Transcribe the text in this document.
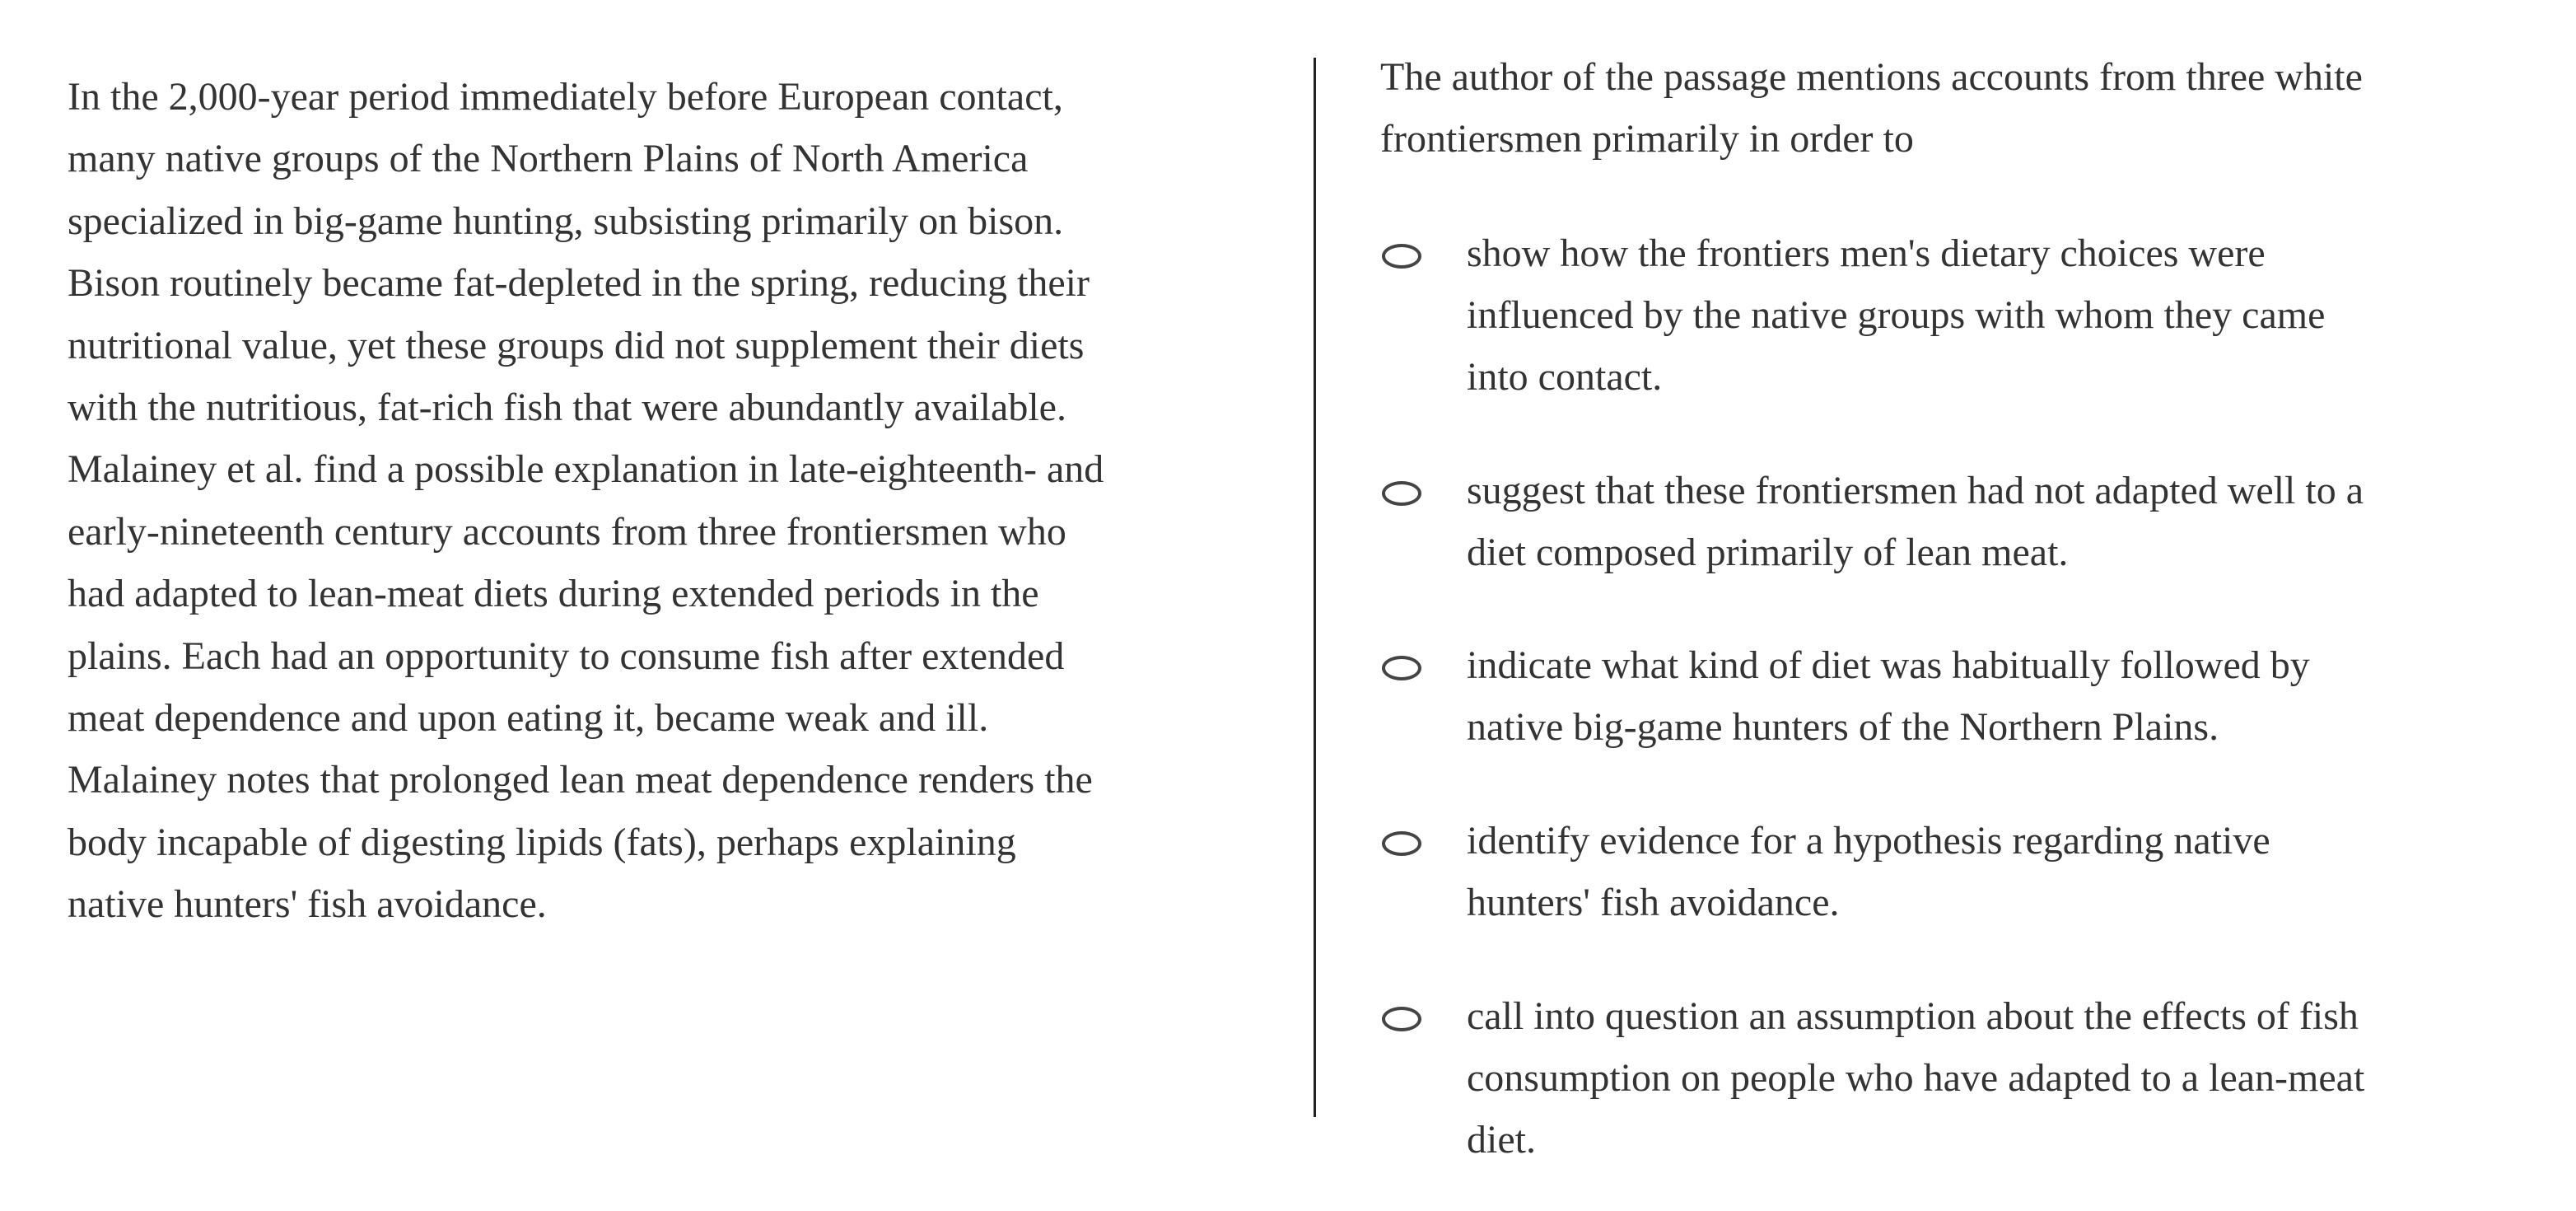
In the 2,000-year period immediately before European contact,
many native groups of the Northern Plains of North America
specialized in big-game hunting, subsisting primarily on bison.
Bison routinely became fat-depleted in the spring, reducing their
nutritional value, yet these groups did not supplement their diets
with the nutritious, fat-rich fish that were abundantly available.
Malainey et al. find a possible explanation in late-eighteenth- and
early-nineteenth century accounts from three frontiersmen who
had adapted to lean-meat diets during extended periods in the
plains. Each had an opportunity to consume fish after extended
meat dependence and upon eating it, became weak and ill.
Malainey notes that prolonged lean meat dependence renders the
body incapable of digesting lipids (fats), perhaps explaining
native hunters' fish avoidance.
The author of the passage mentions accounts from three white
frontiersmen primarily in order to
show how the frontiers men's dietary choices were
influenced by the native groups with whom they came
into contact.
suggest that these frontiersmen had not adapted well to a
diet composed primarily of lean meat.
indicate what kind of diet was habitually followed by
native big-game hunters of the Northern Plains.
identify evidence for a hypothesis regarding native
hunters' fish avoidance.
call into question an assumption about the effects of fish
consumption on people who have adapted to a lean-meat
diet.
